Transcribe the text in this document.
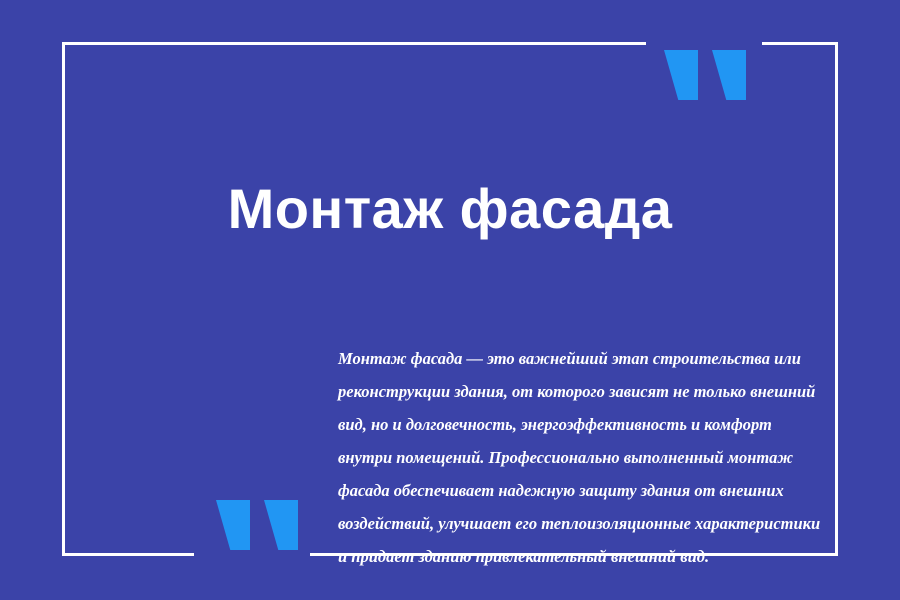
Монтаж фасада

Монтаж фасада — это важнейший этап строительства или реконструкции здания, от которого зависят не только внешний вид, но и долговечность, энергоэффективность и комфорт внутри помещений. Профессионально выполненный монтаж фасада обеспечивает надежную защиту здания от внешних воздействий, улучшает его теплоизоляционные характеристики и придает зданию привлекательный внешний вид.
